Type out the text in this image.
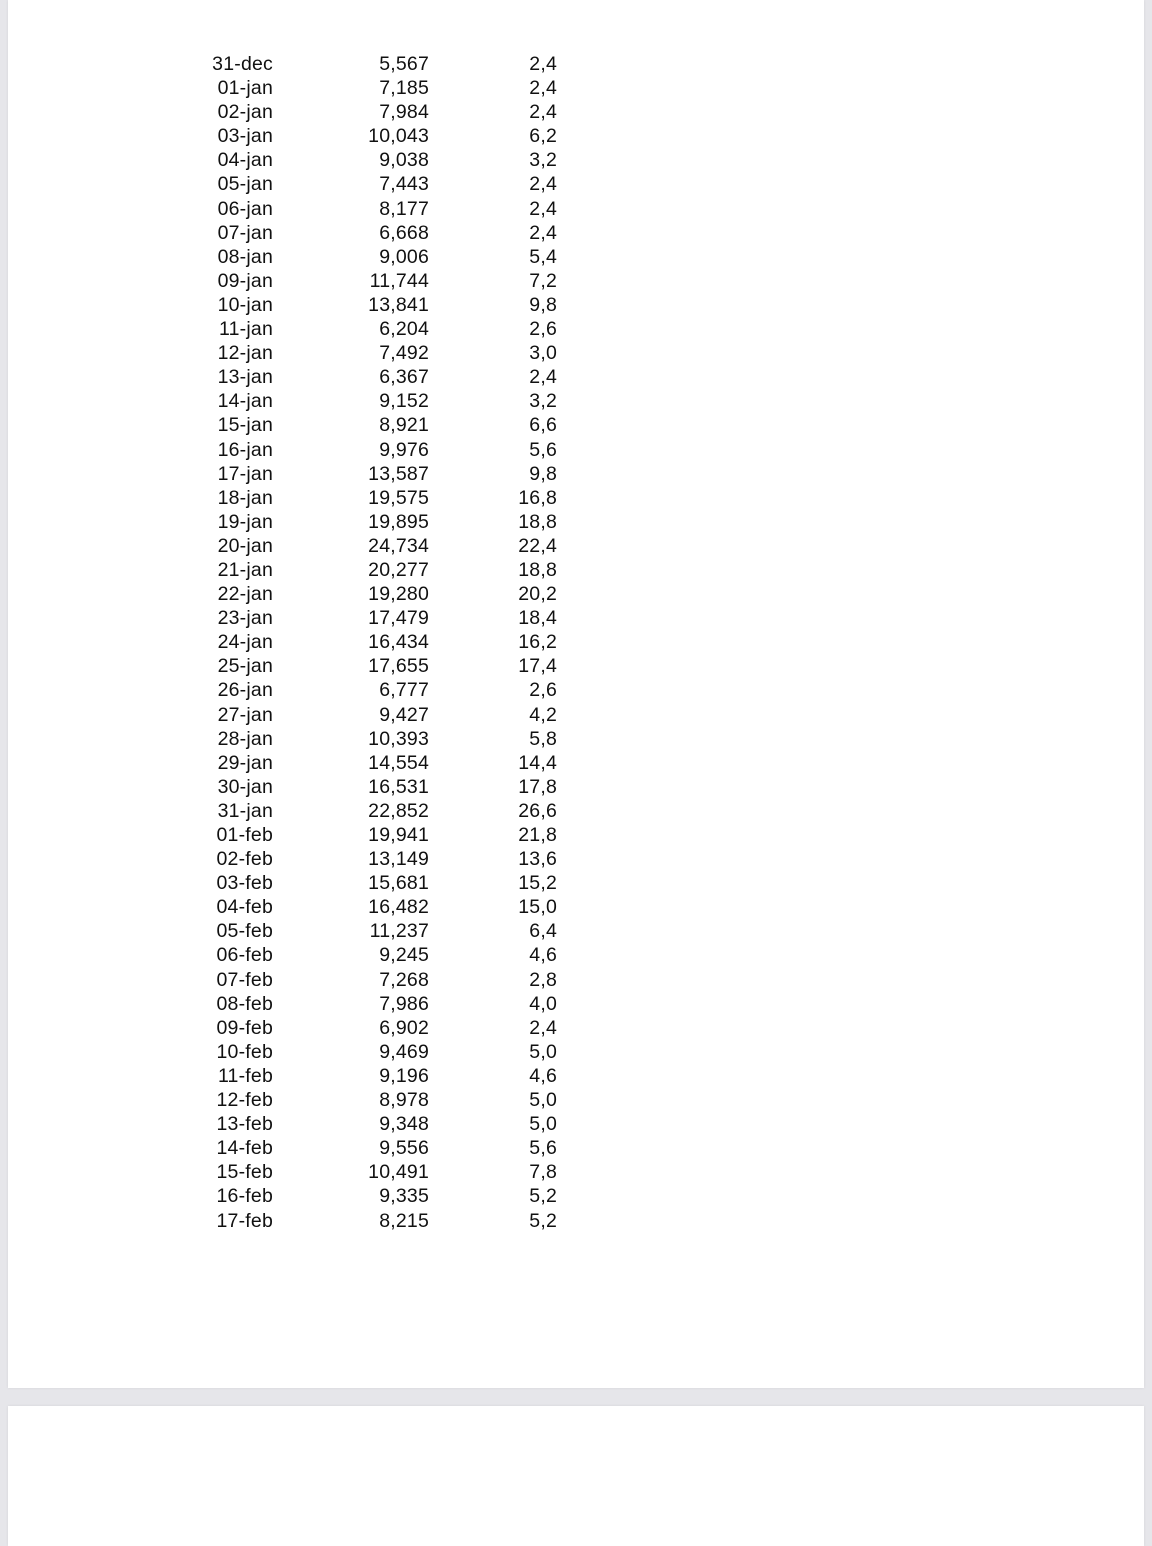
31-dec	5,567	2,4
01-jan	7,185	2,4
02-jan	7,984	2,4
03-jan	10,043	6,2
04-jan	9,038	3,2
05-jan	7,443	2,4
06-jan	8,177	2,4
07-jan	6,668	2,4
08-jan	9,006	5,4
09-jan	11,744	7,2
10-jan	13,841	9,8
11-jan	6,204	2,6
12-jan	7,492	3,0
13-jan	6,367	2,4
14-jan	9,152	3,2
15-jan	8,921	6,6
16-jan	9,976	5,6
17-jan	13,587	9,8
18-jan	19,575	16,8
19-jan	19,895	18,8
20-jan	24,734	22,4
21-jan	20,277	18,8
22-jan	19,280	20,2
23-jan	17,479	18,4
24-jan	16,434	16,2
25-jan	17,655	17,4
26-jan	6,777	2,6
27-jan	9,427	4,2
28-jan	10,393	5,8
29-jan	14,554	14,4
30-jan	16,531	17,8
31-jan	22,852	26,6
01-feb	19,941	21,8
02-feb	13,149	13,6
03-feb	15,681	15,2
04-feb	16,482	15,0
05-feb	11,237	6,4
06-feb	9,245	4,6
07-feb	7,268	2,8
08-feb	7,986	4,0
09-feb	6,902	2,4
10-feb	9,469	5,0
11-feb	9,196	4,6
12-feb	8,978	5,0
13-feb	9,348	5,0
14-feb	9,556	5,6
15-feb	10,491	7,8
16-feb	9,335	5,2
17-feb	8,215	5,2
